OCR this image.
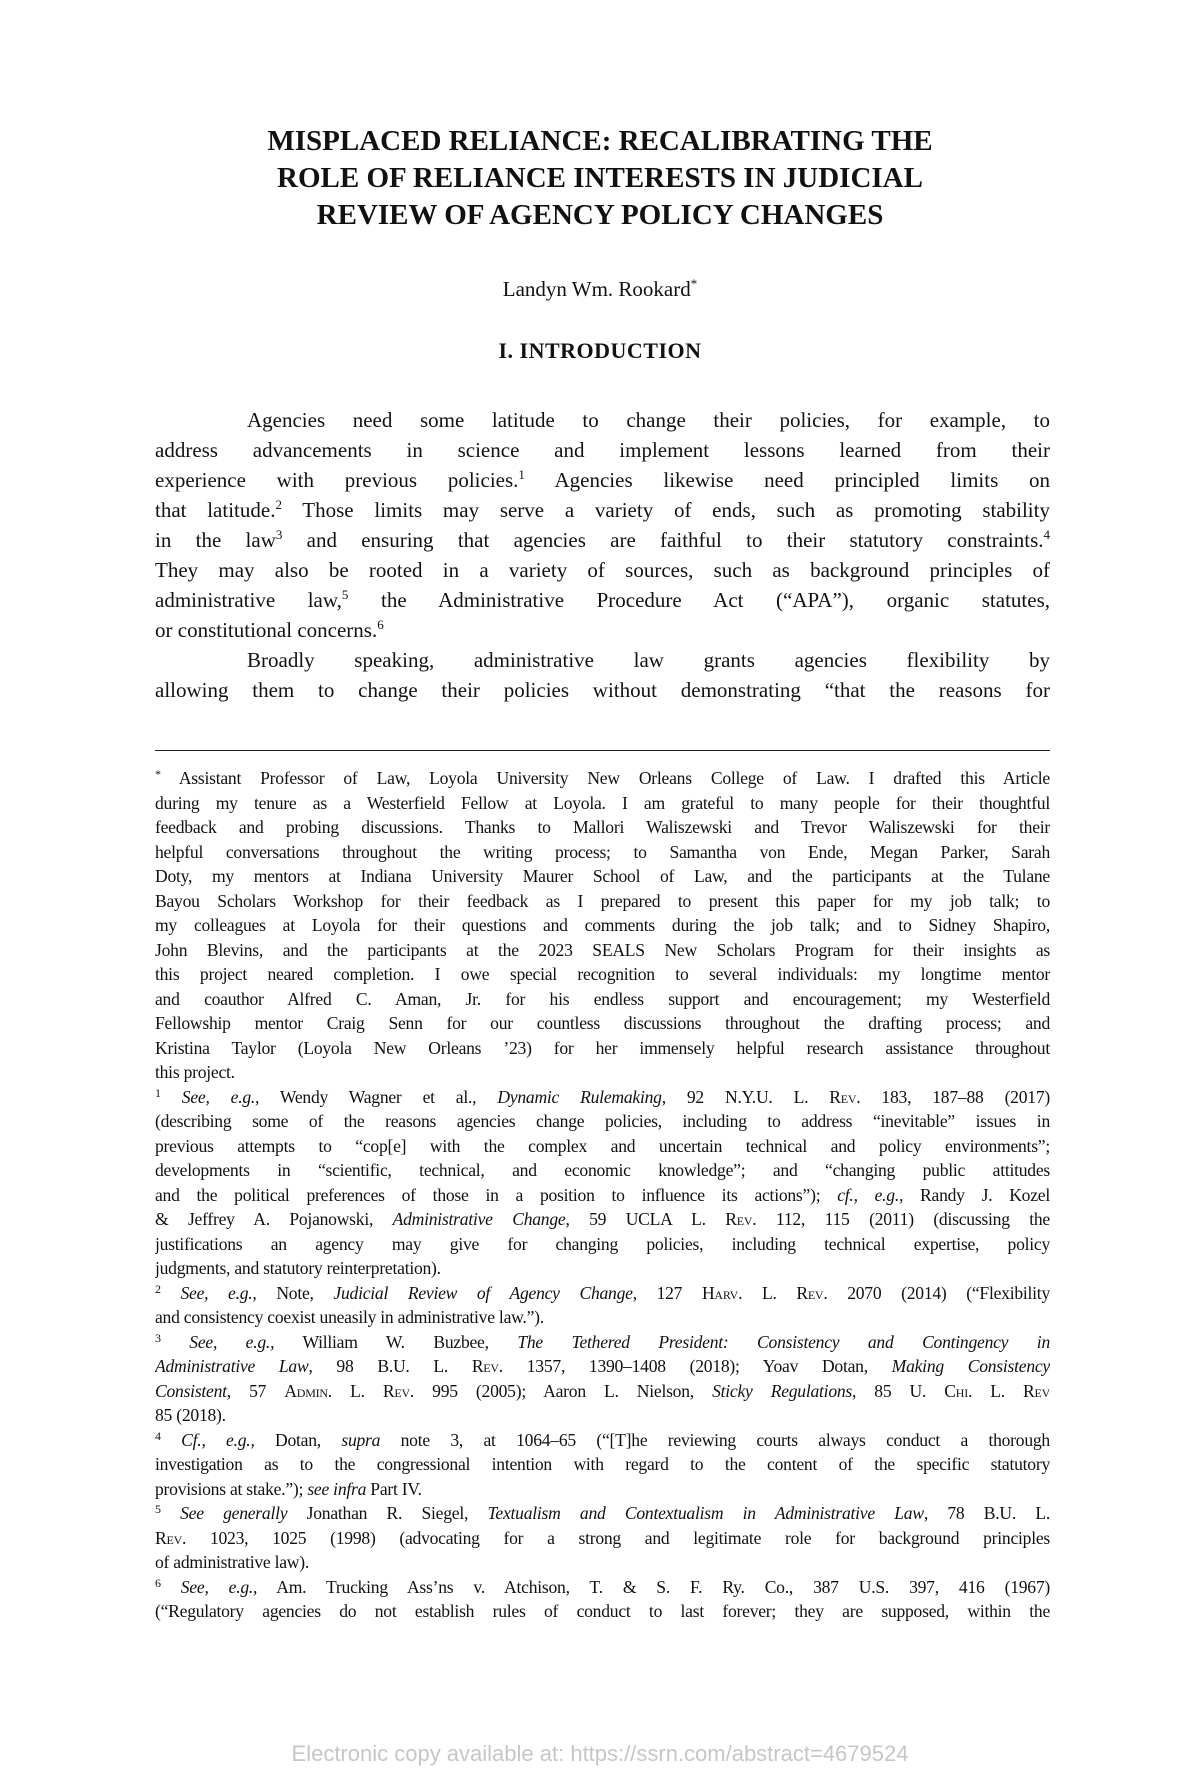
MISPLACED RELIANCE: RECALIBRATING THE
ROLE OF RELIANCE INTERESTS IN JUDICIAL
REVIEW OF AGENCY POLICY CHANGES
Landyn Wm. Rookard*
I. INTRODUCTION
Agencies need some latitude to change their policies, for example, to
address advancements in science and implement lessons learned from their
experience with previous policies.$^1$ Agencies likewise need principled limits on
that latitude.$^2$ Those limits may serve a variety of ends, such as promoting stability
in the law$^3$ and ensuring that agencies are faithful to their statutory constraints.$^4$
They may also be rooted in a variety of sources, such as background principles of
administrative law,$^5$ the Administrative Procedure Act (“APA”), organic statutes,
or constitutional concerns.$^6$
Broadly speaking, administrative law grants agencies flexibility by
allowing them to change their policies without demonstrating “that the reasons for
* Assistant Professor of Law, Loyola University New Orleans College of Law. I drafted this Article
during my tenure as a Westerfield Fellow at Loyola. I am grateful to many people for their thoughtful
feedback and probing discussions. Thanks to Mallori Waliszewski and Trevor Waliszewski for their
helpful conversations throughout the writing process; to Samantha von Ende, Megan Parker, Sarah
Doty, my mentors at Indiana University Maurer School of Law, and the participants at the Tulane
Bayou Scholars Workshop for their feedback as I prepared to present this paper for my job talk; to
my colleagues at Loyola for their questions and comments during the job talk; and to Sidney Shapiro,
John Blevins, and the participants at the 2023 SEALS New Scholars Program for their insights as
this project neared completion. I owe special recognition to several individuals: my longtime mentor
and coauthor Alfred C. Aman, Jr. for his endless support and encouragement; my Westerfield
Fellowship mentor Craig Senn for our countless discussions throughout the drafting process; and
Kristina Taylor (Loyola New Orleans ’23) for her immensely helpful research assistance throughout
this project.
$^1$ See, e.g., Wendy Wagner et al., Dynamic Rulemaking, 92 N.Y.U. L. Rev. 183, 187–88 (2017)
(describing some of the reasons agencies change policies, including to address “inevitable” issues in
previous attempts to “cop[e] with the complex and uncertain technical and policy environments”;
developments in “scientific, technical, and economic knowledge”; and “changing public attitudes
and the political preferences of those in a position to influence its actions”); cf., e.g., Randy J. Kozel
& Jeffrey A. Pojanowski, Administrative Change, 59 UCLA L. Rev. 112, 115 (2011) (discussing the
justifications an agency may give for changing policies, including technical expertise, policy
judgments, and statutory reinterpretation).
$^2$ See, e.g., Note, Judicial Review of Agency Change, 127 Harv. L. Rev. 2070 (2014) (“Flexibility
and consistency coexist uneasily in administrative law.”).
$^3$ See, e.g., William W. Buzbee, The Tethered President: Consistency and Contingency in
Administrative Law, 98 B.U. L. Rev. 1357, 1390–1408 (2018); Yoav Dotan, Making Consistency
Consistent, 57 Admin. L. Rev. 995 (2005); Aaron L. Nielson, Sticky Regulations, 85 U. Chi. L. Rev
85 (2018).
$^4$ Cf., e.g., Dotan, supra note 3, at 1064–65 (“[T]he reviewing courts always conduct a thorough
investigation as to the congressional intention with regard to the content of the specific statutory
provisions at stake.”); see infra Part IV.
$^5$ See generally Jonathan R. Siegel, Textualism and Contextualism in Administrative Law, 78 B.U. L.
Rev. 1023, 1025 (1998) (advocating for a strong and legitimate role for background principles
of administrative law).
$^6$ See, e.g., Am. Trucking Ass’ns v. Atchison, T. & S. F. Ry. Co., 387 U.S. 397, 416 (1967)
(“Regulatory agencies do not establish rules of conduct to last forever; they are supposed, within the
Electronic copy available at: https://ssrn.com/abstract=4679524
